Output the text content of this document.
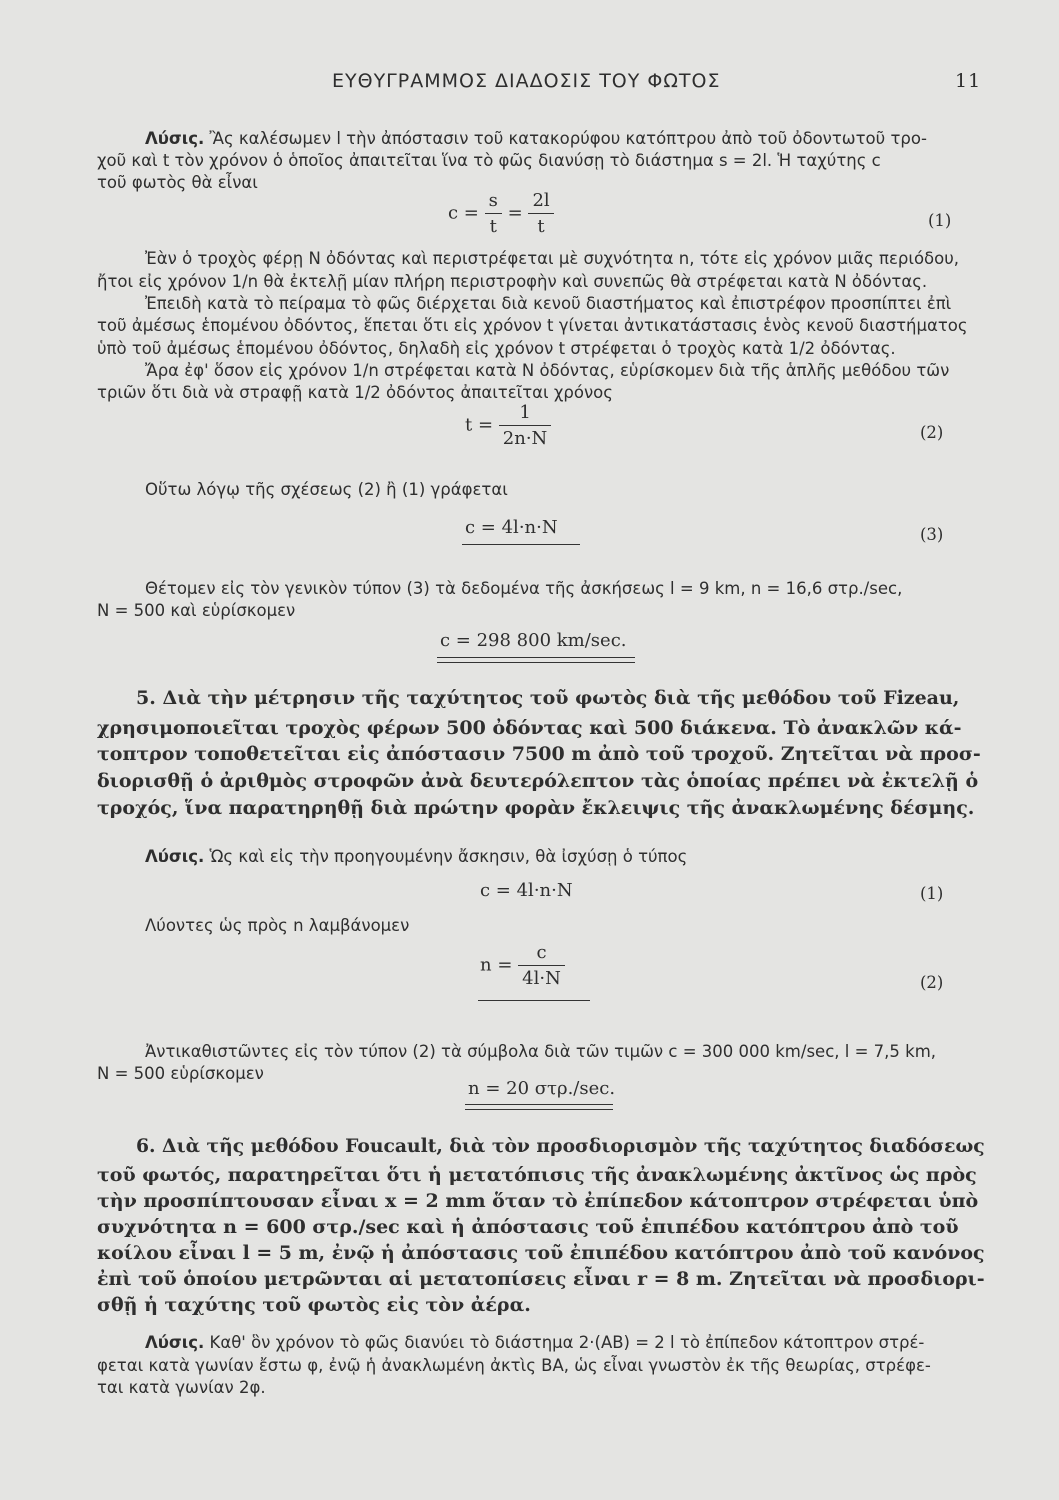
ΕΥΘΥΓΡΑΜΜΟΣ ΔΙΑΔΟΣΙΣ ΤΟΥ ΦΩΤΟΣ	11
Λύσις. Ἂς καλέσωμεν l τὴν ἀπόστασιν τοῦ κατακορύφου κατόπτρου ἀπὸ τοῦ ὀδοντωτοῦ τρο-
χοῦ καὶ t τὸν χρόνον ὁ ὁποῖος ἀπαιτεῖται ἵνα τὸ φῶς διανύσῃ τὸ διάστημα s = 2l. Ἡ ταχύτης c
τοῦ φωτὸς θὰ εἶναι
$c = \frac{s}{t} = \frac{2l}{t}$	(1)
Ἐὰν ὁ τροχὸς φέρῃ Ν ὀδόντας καὶ περιστρέφεται μὲ συχνότητα n, τότε εἰς χρόνον μιᾶς περιόδου,
ἤτοι εἰς χρόνον 1/n θὰ ἐκτελῇ μίαν πλήρη περιστροφὴν καὶ συνεπῶς θὰ στρέφεται κατὰ Ν ὀδόντας.
Ἐπειδὴ κατὰ τὸ πείραμα τὸ φῶς διέρχεται διὰ κενοῦ διαστήματος καὶ ἐπιστρέφον προσπίπτει ἐπὶ
τοῦ ἀμέσως ἑπομένου ὀδόντος, ἕπεται ὅτι εἰς χρόνον t γίνεται ἀντικατάστασις ἑνὸς κενοῦ διαστήματος
ὑπὸ τοῦ ἀμέσως ἑπομένου ὀδόντος, δηλαδὴ εἰς χρόνον t στρέφεται ὁ τροχὸς κατὰ 1/2 ὀδόντας.
Ἄρα ἐφ' ὅσον εἰς χρόνον 1/n στρέφεται κατὰ Ν ὀδόντας, εὑρίσκομεν διὰ τῆς ἁπλῆς μεθόδου τῶν
τριῶν ὅτι διὰ νὰ στραφῇ κατὰ 1/2 ὀδόντος ἀπαιτεῖται χρόνος
$t = \frac{1}{2n\cdot N}$	(2)
Οὕτω λόγῳ τῆς σχέσεως (2) ἢ (1) γράφεται
c = 4l·n·N	(3)
Θέτομεν εἰς τὸν γενικὸν τύπον (3) τὰ δεδομένα τῆς ἀσκήσεως l = 9 km, n = 16,6 στρ./sec,
N = 500 καὶ εὑρίσκομεν
c = 298 800 km/sec.
5. Διὰ τὴν μέτρησιν τῆς ταχύτητος τοῦ φωτὸς διὰ τῆς μεθόδου τοῦ Fizeau,
χρησιμοποιεῖται τροχὸς φέρων 500 ὀδόντας καὶ 500 διάκενα. Τὸ ἀνακλῶν κά-
τοπτρον τοποθετεῖται εἰς ἀπόστασιν 7500 m ἀπὸ τοῦ τροχοῦ. Ζητεῖται νὰ προσ-
διορισθῇ ὁ ἀριθμὸς στροφῶν ἀνὰ δευτερόλεπτον τὰς ὁποίας πρέπει νὰ ἐκτελῇ ὁ
τροχός, ἵνα παρατηρηθῇ διὰ πρώτην φορὰν ἔκλειψις τῆς ἀνακλωμένης δέσμης.
Λύσις. Ὡς καὶ εἰς τὴν προηγουμένην ἄσκησιν, θὰ ἰσχύσῃ ὁ τύπος
c = 4l·n·N	(1)
Λύοντες ὡς πρὸς n λαμβάνομεν
$n = \frac{c}{4l\cdot N}$	(2)
Ἀντικαθιστῶντες εἰς τὸν τύπον (2) τὰ σύμβολα διὰ τῶν τιμῶν c = 300 000 km/sec, l = 7,5 km,
N = 500 εὑρίσκομεν
n = 20 στρ./sec.
6. Διὰ τῆς μεθόδου Foucault, διὰ τὸν προσδιορισμὸν τῆς ταχύτητος διαδόσεως
τοῦ φωτός, παρατηρεῖται ὅτι ἡ μετατόπισις τῆς ἀνακλωμένης ἀκτῖνος ὡς πρὸς
τὴν προσπίπτουσαν εἶναι x = 2 mm ὅταν τὸ ἐπίπεδον κάτοπτρον στρέφεται ὑπὸ
συχνότητα n = 600 στρ./sec καὶ ἡ ἀπόστασις τοῦ ἐπιπέδου κατόπτρου ἀπὸ τοῦ
κοίλου εἶναι l = 5 m, ἐνῷ ἡ ἀπόστασις τοῦ ἐπιπέδου κατόπτρου ἀπὸ τοῦ κανόνος
ἐπὶ τοῦ ὁποίου μετρῶνται αἱ μετατοπίσεις εἶναι r = 8 m. Ζητεῖται νὰ προσδιορι-
σθῇ ἡ ταχύτης τοῦ φωτὸς εἰς τὸν ἀέρα.
Λύσις. Καθ' ὃν χρόνον τὸ φῶς διανύει τὸ διάστημα 2·(AB) = 2 l τὸ ἐπίπεδον κάτοπτρον στρέ-
φεται κατὰ γωνίαν ἔστω φ, ἐνῷ ἡ ἀνακλωμένη ἀκτὶς BA, ὡς εἶναι γνωστὸν ἐκ τῆς θεωρίας, στρέφε-
ται κατὰ γωνίαν 2φ.
